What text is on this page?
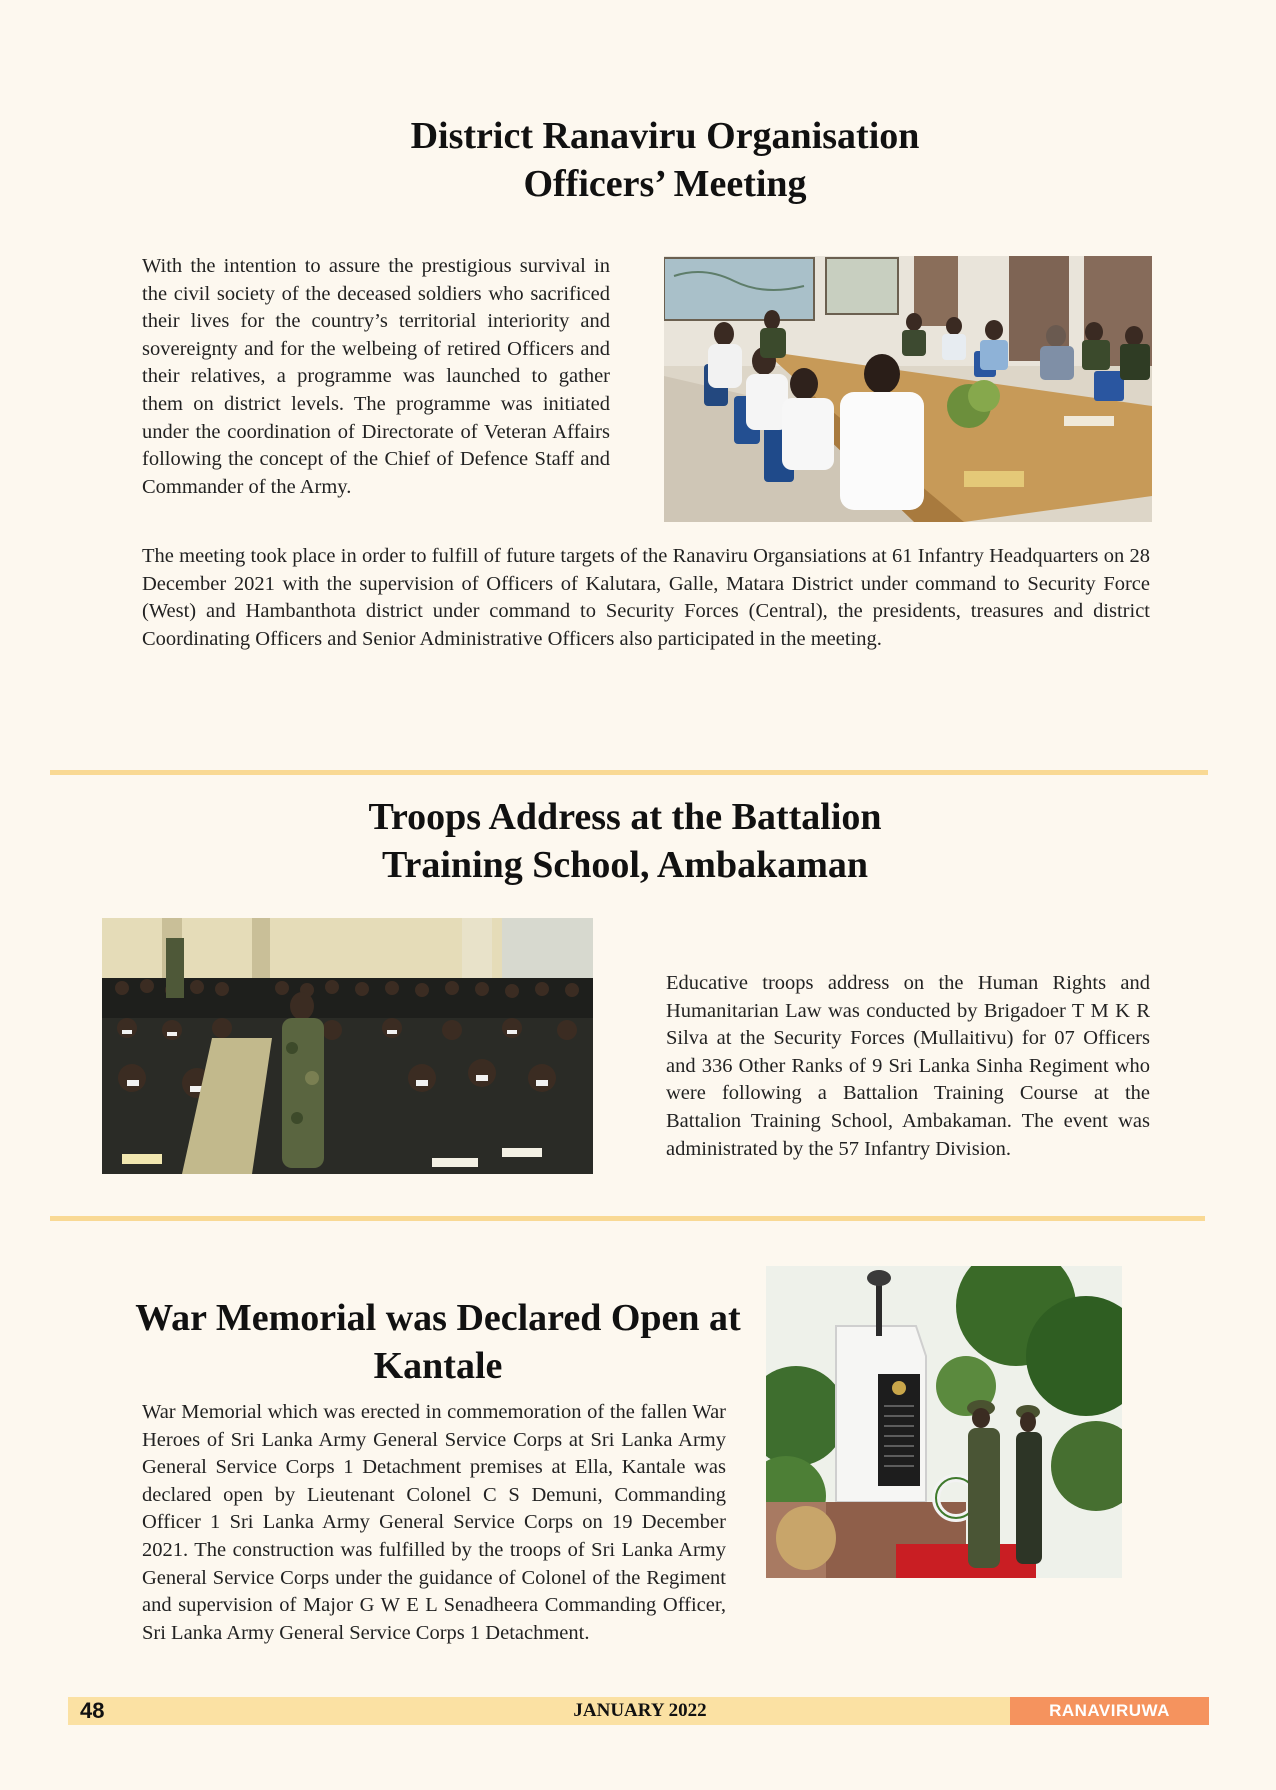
District Ranaviru Organisation
Officers’ Meeting

With the intention to assure the prestigious survival in the civil society of the deceased soldiers who sacrificed their lives for the country’s territorial interiority and sovereignty and for the welbeing of retired Officers and their relatives, a programme was launched to gather them on district levels. The programme was initiated under the coordination of Directorate of Veteran Affairs following the concept of the Chief of Defence Staff and Commander of the Army.

The meeting took place in order to fulfill of future targets of the Ranaviru Organsiations at 61 Infantry Headquarters on 28 December 2021 with the supervision of Officers of Kalutara, Galle, Matara District under command to Security Force (West) and Hambanthota district under command to Security Forces (Central), the presidents, treasures and district Coordinating Officers and Senior Administrative Officers also participated in the meeting.

Troops Address at the Battalion
Training School, Ambakaman

Educative troops address on the Human Rights and Humanitarian Law was conducted by Brigadoer T M K R Silva at the Security Forces (Mullaitivu) for 07 Officers and 336 Other Ranks of 9 Sri Lanka Sinha Regiment who were following a Battalion Training Course at the Battalion Training School, Ambakaman. The event was administrated by the 57 Infantry Division.

War Memorial was Declared Open at
Kantale

War Memorial which was erected in commemoration of the fallen War Heroes of Sri Lanka Army General Service Corps at Sri Lanka Army General Service Corps 1 Detachment premises at Ella, Kantale was declared open by Lieutenant Colonel C S Demuni, Commanding Officer 1 Sri Lanka Army General Service Corps on 19 December 2021. The construction was fulfilled by the troops of Sri Lanka Army General Service Corps under the guidance of Colonel of the Regiment and supervision of Major G W E L Senadheera Commanding Officer, Sri Lanka Army General Service Corps 1 Detachment.

48	JANUARY 2022	RANAVIRUWA
